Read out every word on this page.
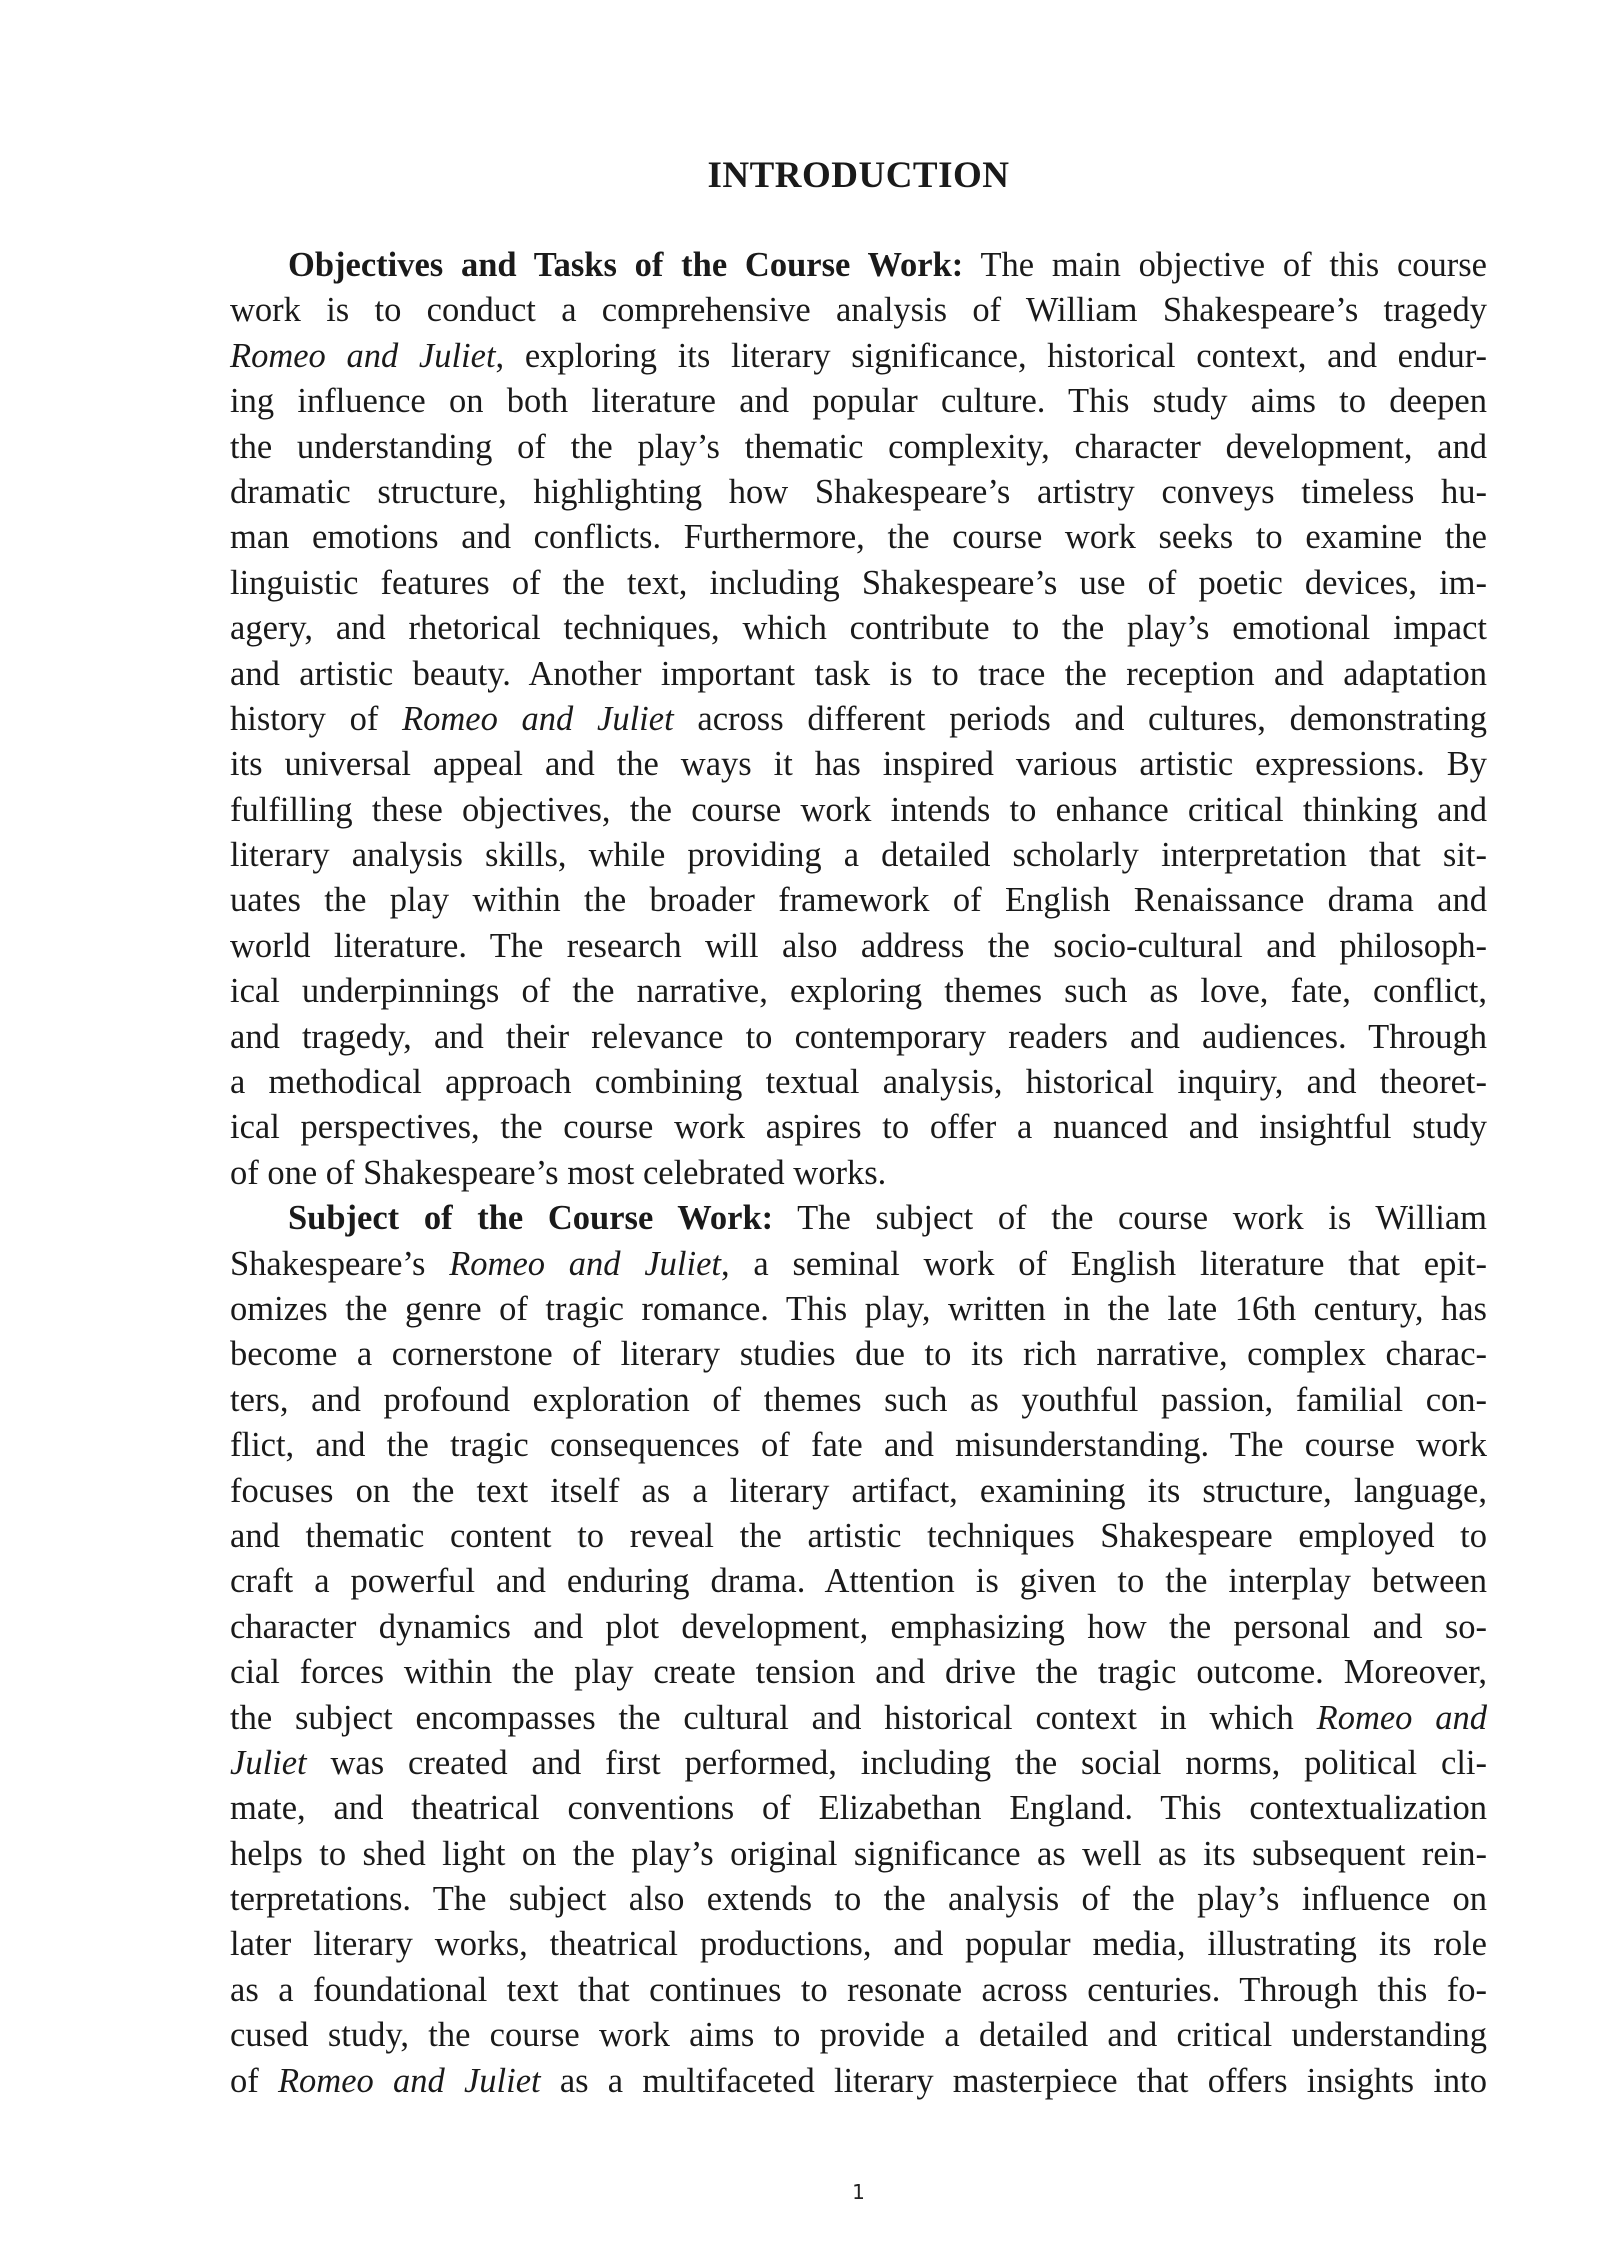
INTRODUCTION
Objectives and Tasks of the Course Work: The main objective of this course
work is to conduct a comprehensive analysis of William Shakespeare’s tragedy
Romeo and Juliet, exploring its literary significance, historical context, and endur-
ing influence on both literature and popular culture. This study aims to deepen
the understanding of the play’s thematic complexity, character development, and
dramatic structure, highlighting how Shakespeare’s artistry conveys timeless hu-
man emotions and conflicts. Furthermore, the course work seeks to examine the
linguistic features of the text, including Shakespeare’s use of poetic devices, im-
agery, and rhetorical techniques, which contribute to the play’s emotional impact
and artistic beauty. Another important task is to trace the reception and adaptation
history of Romeo and Juliet across different periods and cultures, demonstrating
its universal appeal and the ways it has inspired various artistic expressions. By
fulfilling these objectives, the course work intends to enhance critical thinking and
literary analysis skills, while providing a detailed scholarly interpretation that sit-
uates the play within the broader framework of English Renaissance drama and
world literature. The research will also address the socio-cultural and philosoph-
ical underpinnings of the narrative, exploring themes such as love, fate, conflict,
and tragedy, and their relevance to contemporary readers and audiences. Through
a methodical approach combining textual analysis, historical inquiry, and theoret-
ical perspectives, the course work aspires to offer a nuanced and insightful study
of one of Shakespeare’s most celebrated works.
Subject of the Course Work: The subject of the course work is William
Shakespeare’s Romeo and Juliet, a seminal work of English literature that epit-
omizes the genre of tragic romance. This play, written in the late 16th century, has
become a cornerstone of literary studies due to its rich narrative, complex charac-
ters, and profound exploration of themes such as youthful passion, familial con-
flict, and the tragic consequences of fate and misunderstanding. The course work
focuses on the text itself as a literary artifact, examining its structure, language,
and thematic content to reveal the artistic techniques Shakespeare employed to
craft a powerful and enduring drama. Attention is given to the interplay between
character dynamics and plot development, emphasizing how the personal and so-
cial forces within the play create tension and drive the tragic outcome. Moreover,
the subject encompasses the cultural and historical context in which Romeo and
Juliet was created and first performed, including the social norms, political cli-
mate, and theatrical conventions of Elizabethan England. This contextualization
helps to shed light on the play’s original significance as well as its subsequent rein-
terpretations. The subject also extends to the analysis of the play’s influence on
later literary works, theatrical productions, and popular media, illustrating its role
as a foundational text that continues to resonate across centuries. Through this fo-
cused study, the course work aims to provide a detailed and critical understanding
of Romeo and Juliet as a multifaceted literary masterpiece that offers insights into
1
